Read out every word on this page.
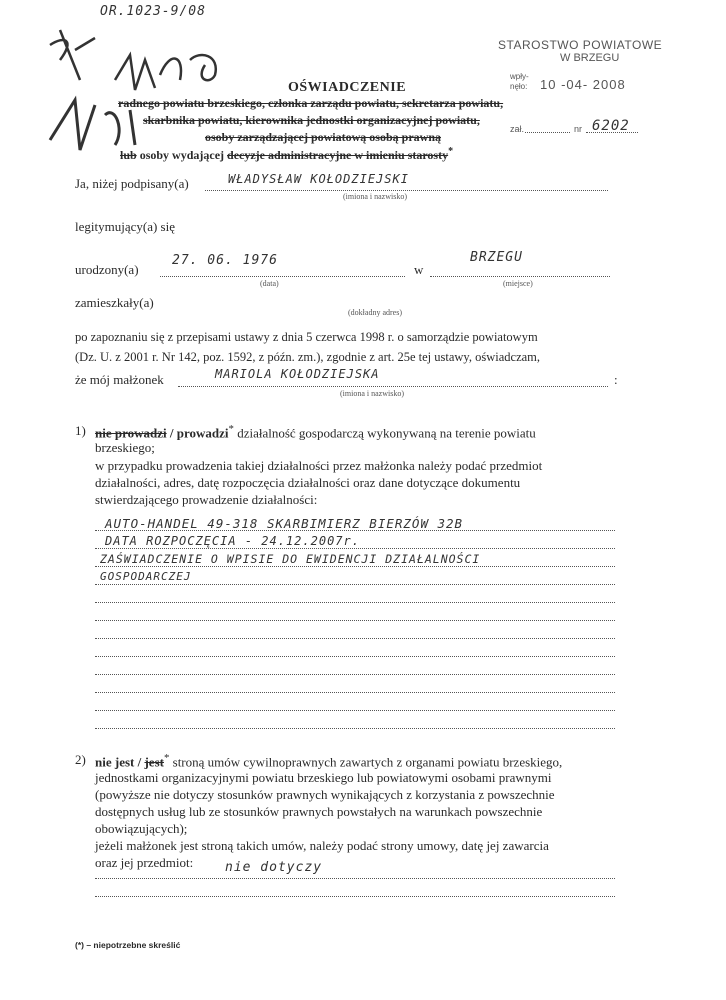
OR.1023-9/08
STAROSTWO POWIATOWE
W BRZEGU
wpły-
nęło: 10 -04- 2008
zał.	nr 6202
OŚWIADCZENIE
radnego powiatu brzeskiego, członka zarządu powiatu, sekretarza powiatu,
skarbnika powiatu, kierownika jednostki organizacyjnej powiatu,
osoby zarządzającej powiatową osobą prawną
lub osoby wydającej decyzje administracyjne w imieniu starosty*
Ja, niżej podpisany(a)	WŁADYSŁAW KOŁODZIEJSKI
(imiona i nazwisko)
legitymujący(a) się
urodzony(a)
27. 06. 1976
(data)
w
BRZEGU
(miejsce)
zamieszkały(a)
(dokładny adres)
po zapoznaniu się z przepisami ustawy z dnia 5 czerwca 1998 r. o samorządzie powiatowym
(Dz. U. z 2001 r. Nr 142, poz. 1592, z późn. zm.), zgodnie z art. 25e tej ustawy, oświadczam,
że mój małżonek	MARIOLA KOŁODZIEJSKA	:
(imiona i nazwisko)
1) nie prowadzi / prowadzi* działalność gospodarczą wykonywaną na terenie powiatu
brzeskiego;
w przypadku prowadzenia takiej działalności przez małżonka należy podać przedmiot
działalności, adres, datę rozpoczęcia działalności oraz dane dotyczące dokumentu
stwierdzającego prowadzenie działalności:
AUTO-HANDEL 49-318 SKARBIMIERZ BIERZÓW 32B
DATA ROZPOCZĘCIA - 24.12.2007r.
ZAŚWIADCZENIE O WPISIE DO EWIDENCJI DZIAŁALNOŚCI
GOSPODARCZEJ
2) nie jest / jest* stroną umów cywilnoprawnych zawartych z organami powiatu brzeskiego,
jednostkami organizacyjnymi powiatu brzeskiego lub powiatowymi osobami prawnymi
(powyższe nie dotyczy stosunków prawnych wynikających z korzystania z powszechnie
dostępnych usług lub ze stosunków prawnych powstałych na warunkach powszechnie
obowiązujących);
jeżeli małżonek jest stroną takich umów, należy podać strony umowy, datę jej zawarcia
oraz jej przedmiot: nie dotyczy
(*) – niepotrzebne skreślić
